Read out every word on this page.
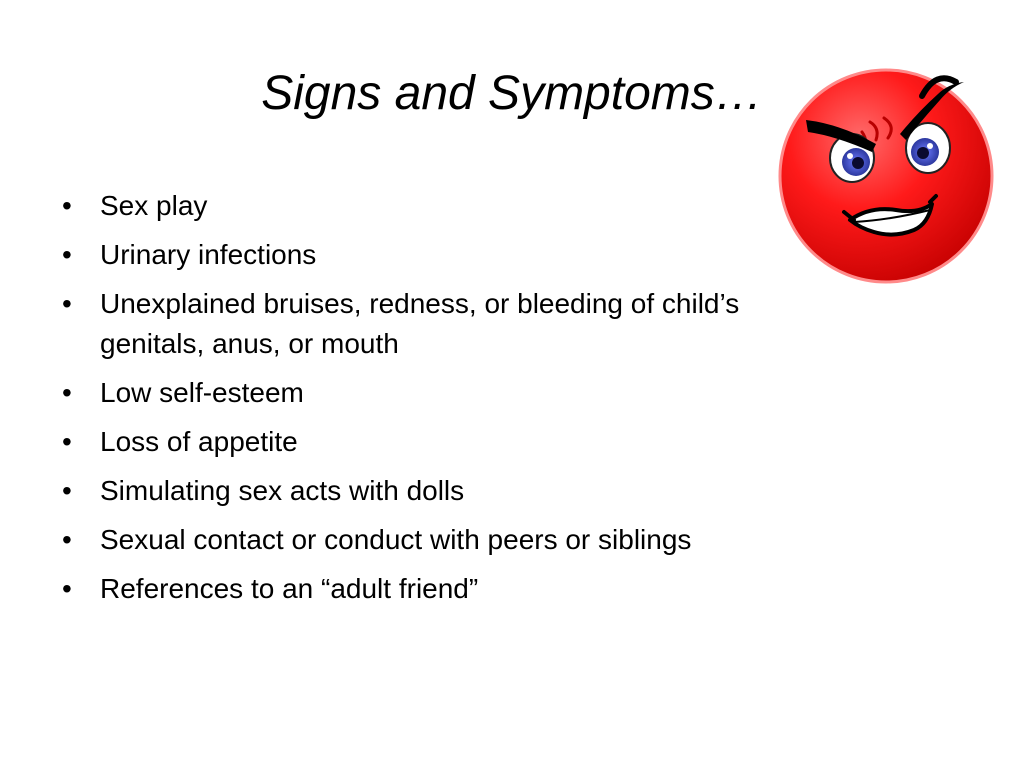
Signs and Symptoms…
•	Sex play
•	Urinary infections
•	Unexplained bruises, redness, or bleeding of child’s genitals, anus, or mouth
•	Low self-esteem
•	Loss of appetite
•	Simulating sex acts with dolls
•	Sexual contact or conduct with peers or siblings
•	References to an “adult friend”
